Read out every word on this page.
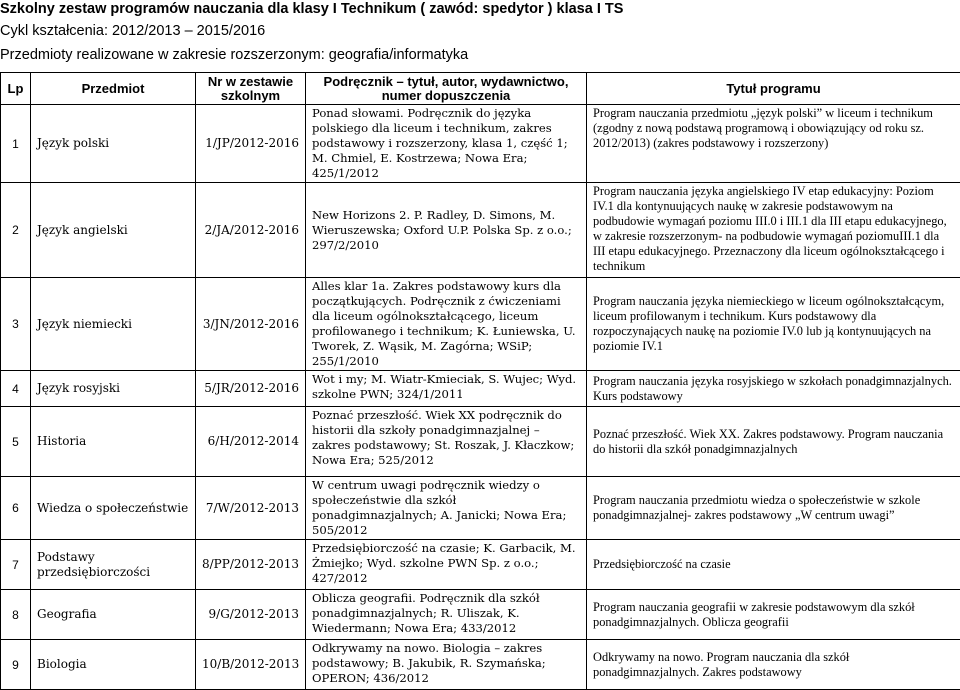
Szkolny zestaw programów nauczania dla klasy I Technikum ( zawód: spedytor ) klasa I TS
Cykl kształcenia: 2012/2013 – 2015/2016
Przedmioty realizowane w zakresie rozszerzonym: geografia/informatyka
Lp	Przedmiot	Nr w zestawie szkolnym	Podręcznik – tytuł, autor, wydawnictwo, numer dopuszczenia	Tytuł programu
1	Język polski	1/JP/2012-2016	Ponad słowami. Podręcznik do języka polskiego dla liceum i technikum, zakres podstawowy i rozszerzony, klasa 1, część 1; M. Chmiel, E. Kostrzewa; Nowa Era; 425/1/2012	Program nauczania przedmiotu „język polski” w liceum i technikum (zgodny z nową podstawą programową i obowiązujący od roku sz. 2012/2013) (zakres podstawowy i rozszerzony)
2	Język angielski	2/JA/2012-2016	New Horizons 2. P. Radley, D. Simons, M. Wieruszewska; Oxford U.P. Polska Sp. z o.o.; 297/2/2010	Program nauczania języka angielskiego IV etap edukacyjny: Poziom IV.1 dla kontynuujących naukę w zakresie podstawowym na podbudowie wymagań poziomu III.0 i III.1 dla III etapu edukacyjnego, w zakresie rozszerzonym- na podbudowie wymagań poziomuIII.1 dla III etapu edukacyjnego. Przeznaczony dla liceum ogólnokształcącego i technikum
3	Język niemiecki	3/JN/2012-2016	Alles klar 1a. Zakres podstawowy kurs dla początkujących. Podręcznik z ćwiczeniami dla liceum ogólnokształcącego, liceum profilowanego i technikum; K. Łuniewska, U. Tworek, Z. Wąsik, M. Zagórna; WSiP; 255/1/2010	Program nauczania języka niemieckiego w liceum ogólnokształcącym, liceum profilowanym i technikum. Kurs podstawowy dla rozpoczynających naukę na poziomie IV.0 lub ją kontynuujących na poziomie IV.1
4	Język rosyjski	5/JR/2012-2016	Wot i my; M. Wiatr-Kmieciak, S. Wujec; Wyd. szkolne PWN; 324/1/2011	Program nauczania języka rosyjskiego w szkołach ponadgimnazjalnych. Kurs podstawowy
5	Historia	6/H/2012-2014	Poznać przeszłość. Wiek XX podręcznik do historii dla szkoły ponadgimnazjalnej – zakres podstawowy; St. Roszak, J. Kłaczkow; Nowa Era; 525/2012	Poznać przeszłość. Wiek XX. Zakres podstawowy. Program nauczania do historii dla szkół ponadgimnazjalnych
6	Wiedza o społeczeństwie	7/W/2012-2013	W centrum uwagi podręcznik wiedzy o społeczeństwie dla szkół ponadgimnazjalnych; A. Janicki; Nowa Era; 505/2012	Program nauczania przedmiotu wiedza o społeczeństwie w szkole ponadgimnazjalnej- zakres podstawowy „W centrum uwagi”
7	Podstawy przedsiębiorczości	8/PP/2012-2013	Przedsiębiorczość na czasie; K. Garbacik, M. Żmiejko; Wyd. szkolne PWN Sp. z o.o.; 427/2012	Przedsiębiorczość na czasie
8	Geografia	9/G/2012-2013	Oblicza geografii. Podręcznik dla szkół ponadgimnazjalnych; R. Uliszak, K. Wiedermann; Nowa Era; 433/2012	Program nauczania geografii w zakresie podstawowym dla szkół ponadgimnazjalnych. Oblicza geografii
9	Biologia	10/B/2012-2013	Odkrywamy na nowo. Biologia – zakres podstawowy; B. Jakubik, R. Szymańska; OPERON; 436/2012	Odkrywamy na nowo. Program nauczania dla szkół ponadgimnazjalnych. Zakres podstawowy
